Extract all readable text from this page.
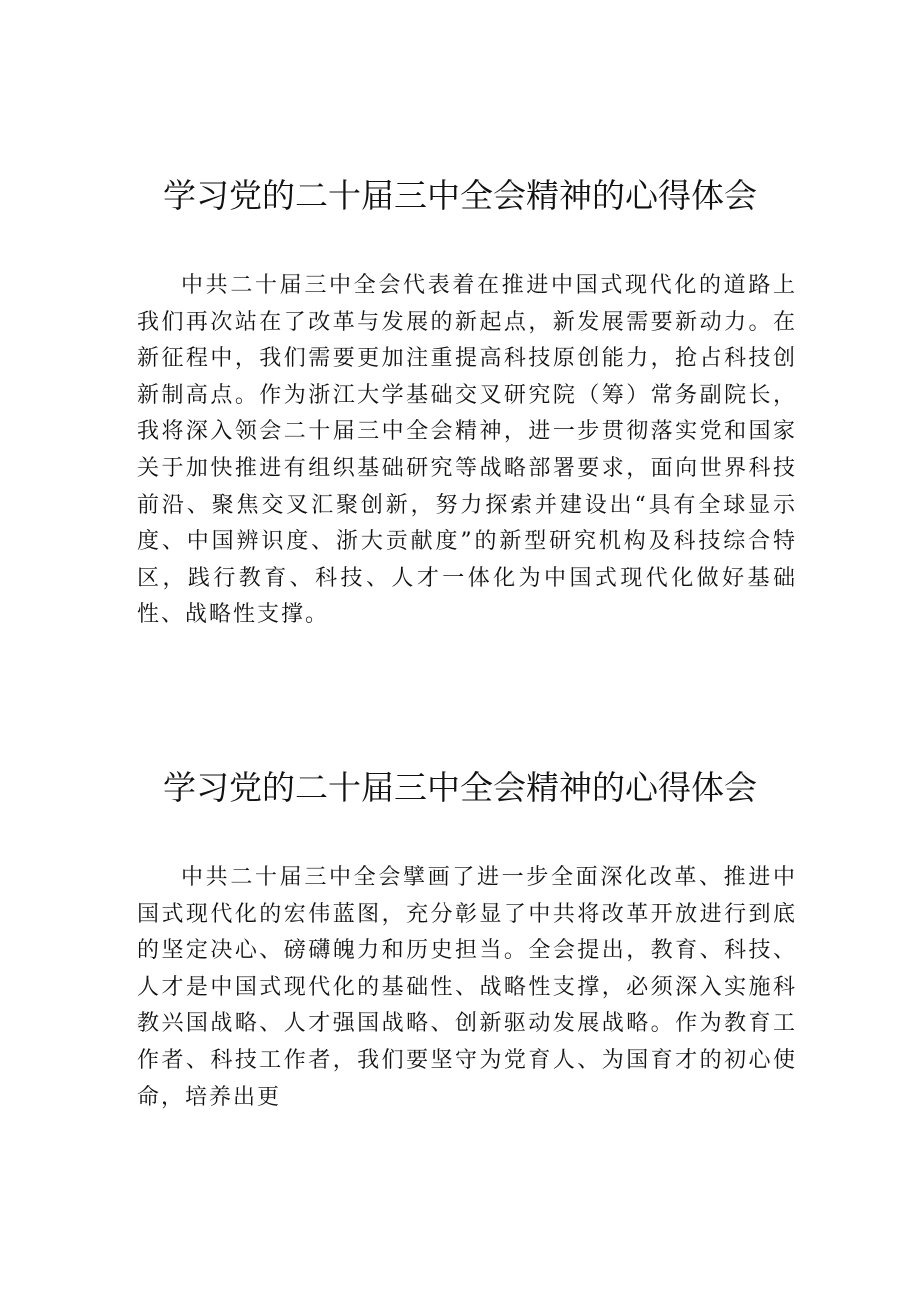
学习党的二十届三中全会精神的心得体会

中共二十届三中全会代表着在推进中国式现代化的道路上我们再次站在了改革与发展的新起点，新发展需要新动力。在新征程中，我们需要更加注重提高科技原创能力，抢占科技创新制高点。作为浙江大学基础交叉研究院（筹）常务副院长，我将深入领会二十届三中全会精神，进一步贯彻落实党和国家关于加快推进有组织基础研究等战略部署要求，面向世界科技前沿、聚焦交叉汇聚创新，努力探索并建设出“具有全球显示度、中国辨识度、浙大贡献度”的新型研究机构及科技综合特区，践行教育、科技、人才一体化为中国式现代化做好基础性、战略性支撑。

学习党的二十届三中全会精神的心得体会

中共二十届三中全会擘画了进一步全面深化改革、推进中国式现代化的宏伟蓝图，充分彰显了中共将改革开放进行到底的坚定决心、磅礴魄力和历史担当。全会提出，教育、科技、人才是中国式现代化的基础性、战略性支撑，必须深入实施科教兴国战略、人才强国战略、创新驱动发展战略。作为教育工作者、科技工作者，我们要坚守为党育人、为国育才的初心使命，培养出更
